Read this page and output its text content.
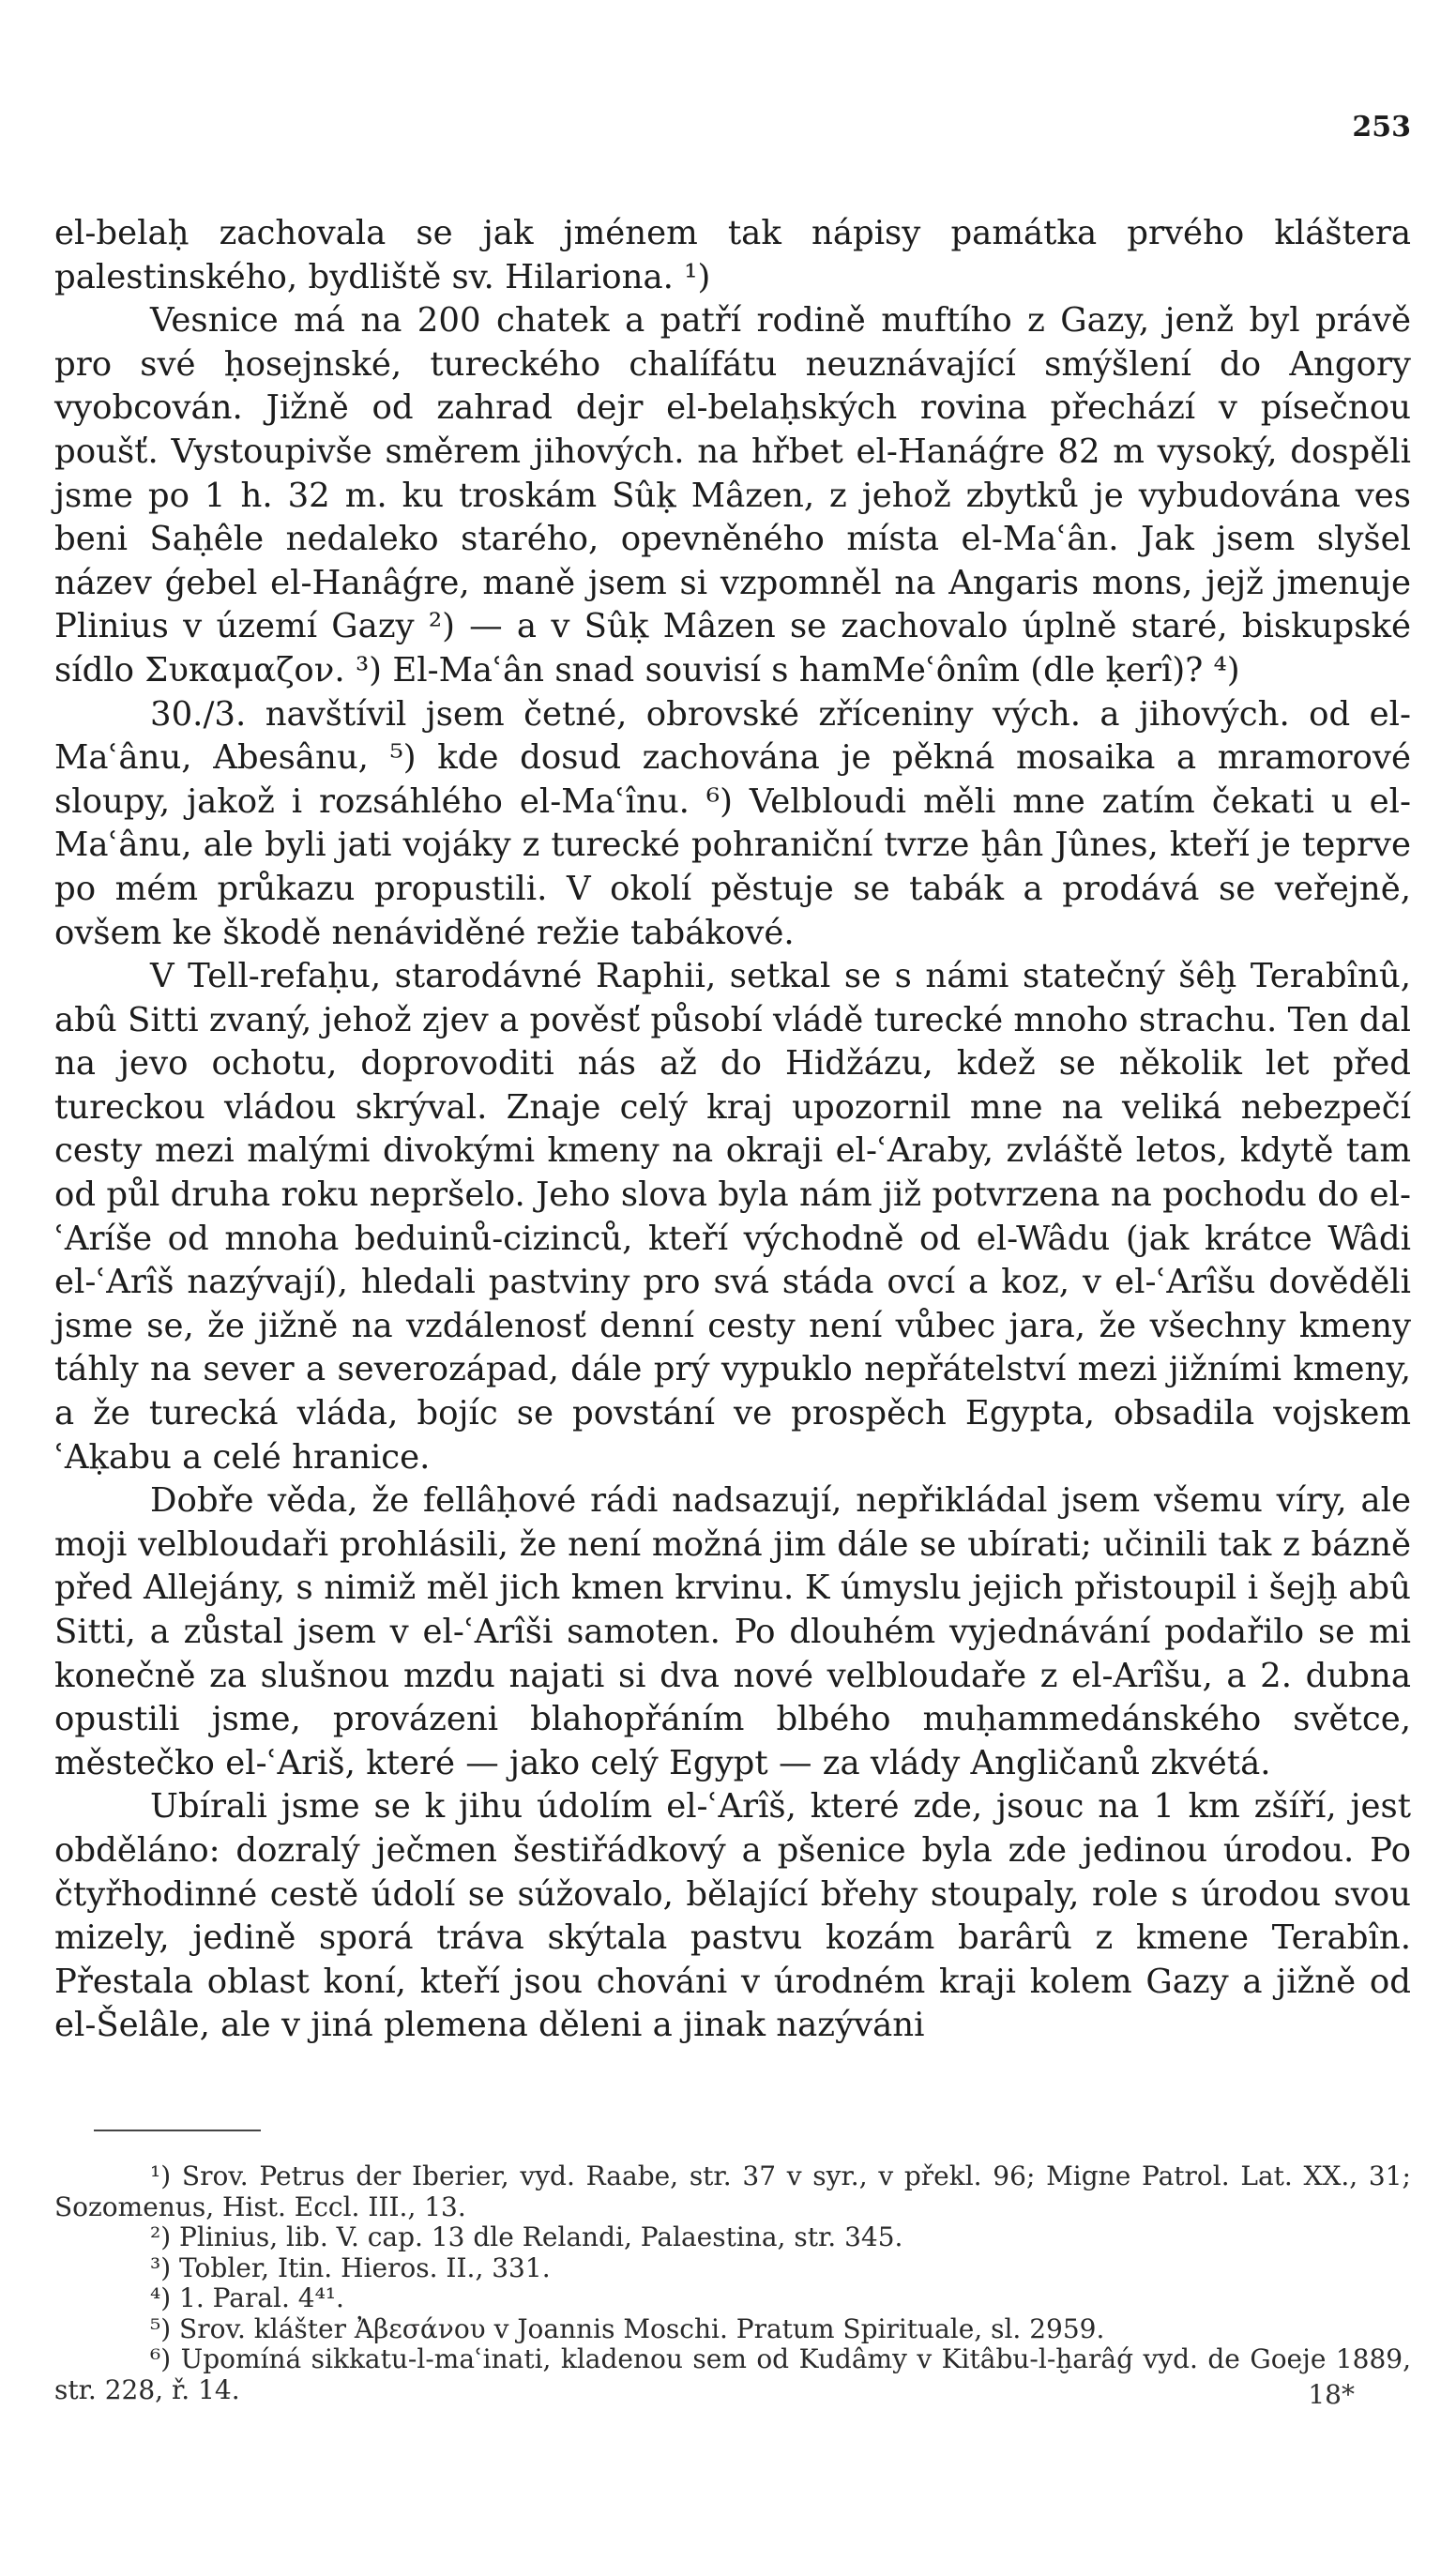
253

el-belaḥ zachovala se jak jménem tak nápisy památka prvého kláštera palestinského, bydliště sv. Hilariona. ¹)

Vesnice má na 200 chatek a patří rodině muftího z Gazy, jenž byl právě pro své ḥosejnské, tureckého chalífátu neuznávající smýšlení do Angory vyobcován. Jižně od zahrad dejr el-belaḥských rovina přechází v písečnou poušť. Vystoupivše směrem jihových. na hřbet el-Hanáǵre 82 m vysoký, dospěli jsme po 1 h. 32 m. ku troskám Sûḳ Mâzen, z jehož zbytků je vybudována ves beni Saḥêle nedaleko starého, opevněného místa el-Maʿân. Jak jsem slyšel název ǵebel el-Hanâǵre, maně jsem si vzpomněl na Angaris mons, jejž jmenuje Plinius v území Gazy ²) — a v Sûḳ Mâzen se zachovalo úplně staré, biskupské sídlo Συκαμαζον. ³) El-Maʿân snad souvisí s hamMeʿônîm (dle ḳerî)? ⁴)

30./3. navštívil jsem četné, obrovské zříceniny vých. a jihových. od el-Maʿânu, Abesânu, ⁵) kde dosud zachována je pěkná mosaika a mramorové sloupy, jakož i rozsáhlého el-Maʿînu. ⁶) Velbloudi měli mne zatím čekati u el-Maʿânu, ale byli jati vojáky z turecké pohraniční tvrze ḫân Jûnes, kteří je teprve po mém průkazu propustili. V okolí pěstuje se tabák a prodává se veřejně, ovšem ke škodě nenáviděné režie tabákové.

V Tell-refaḥu, starodávné Raphii, setkal se s námi statečný šêḫ Terabînû, abû Sitti zvaný, jehož zjev a pověsť působí vládě turecké mnoho strachu. Ten dal na jevo ochotu, doprovoditi nás až do Hidžázu, kdež se několik let před tureckou vládou skrýval. Znaje celý kraj upozornil mne na veliká nebezpečí cesty mezi malými divokými kmeny na okraji el-ʿAraby, zvláště letos, kdytě tam od půl druha roku nepršelo. Jeho slova byla nám již potvrzena na pochodu do el-ʿAríše od mnoha beduinů-cizinců, kteří východně od el-Wâdu (jak krátce Wâdi el-ʿArîš nazývají), hledali pastviny pro svá stáda ovcí a koz, v el-ʿArîšu dověděli jsme se, že jižně na vzdálenosť denní cesty není vůbec jara, že všechny kmeny táhly na sever a severozápad, dále prý vypuklo nepřátelství mezi jižními kmeny, a že turecká vláda, bojíc se povstání ve prospěch Egypta, obsadila vojskem ʿAḳabu a celé hranice.

Dobře věda, že fellâḥové rádi nadsazují, nepřikládal jsem všemu víry, ale moji velbloudaři prohlásili, že není možná jim dále se ubírati; učinili tak z bázně před Allejány, s nimiž měl jich kmen krvinu. K úmyslu jejich přistoupil i šejḫ abû Sitti, a zůstal jsem v el-ʿArîši samoten. Po dlouhém vyjednávání podařilo se mi konečně za slušnou mzdu najati si dva nové velbloudaře z el-Arîšu, a 2. dubna opustili jsme, provázeni blahopřáním blbého muḥammedánského světce, městečko el-ʿAriš, které — jako celý Egypt — za vlády Angličanů zkvétá.

Ubírali jsme se k jihu údolím el-ʿArîš, které zde, jsouc na 1 km zšíří, jest obděláno: dozralý ječmen šestiřádkový a pšenice byla zde jedinou úrodou. Po čtyřhodinné cestě údolí se súžovalo, bělající břehy stoupaly, role s úrodou svou mizely, jedině sporá tráva skýtala pastvu kozám barârû z kmene Terabîn. Přestala oblast koní, kteří jsou chováni v úrodném kraji kolem Gazy a jižně od el-Šelâle, ale v jiná plemena děleni a jinak nazýváni

¹) Srov. Petrus der Iberier, vyd. Raabe, str. 37 v syr., v překl. 96; Migne Patrol. Lat. XX., 31; Sozomenus, Hist. Eccl. III., 13.

²) Plinius, lib. V. cap. 13 dle Relandi, Palaestina, str. 345.

³) Tobler, Itin. Hieros. II., 331.

⁴) 1. Paral. 4⁴¹.

⁵) Srov. klášter Ἀβεσάνου v Joannis Moschi. Pratum Spirituale, sl. 2959.

⁶) Upomíná sikkatu-l-maʿinati, kladenou sem od Kudâmy v Kitâbu-l-ḫarâǵ vyd. de Goeje 1889, str. 228, ř. 14.	18*
